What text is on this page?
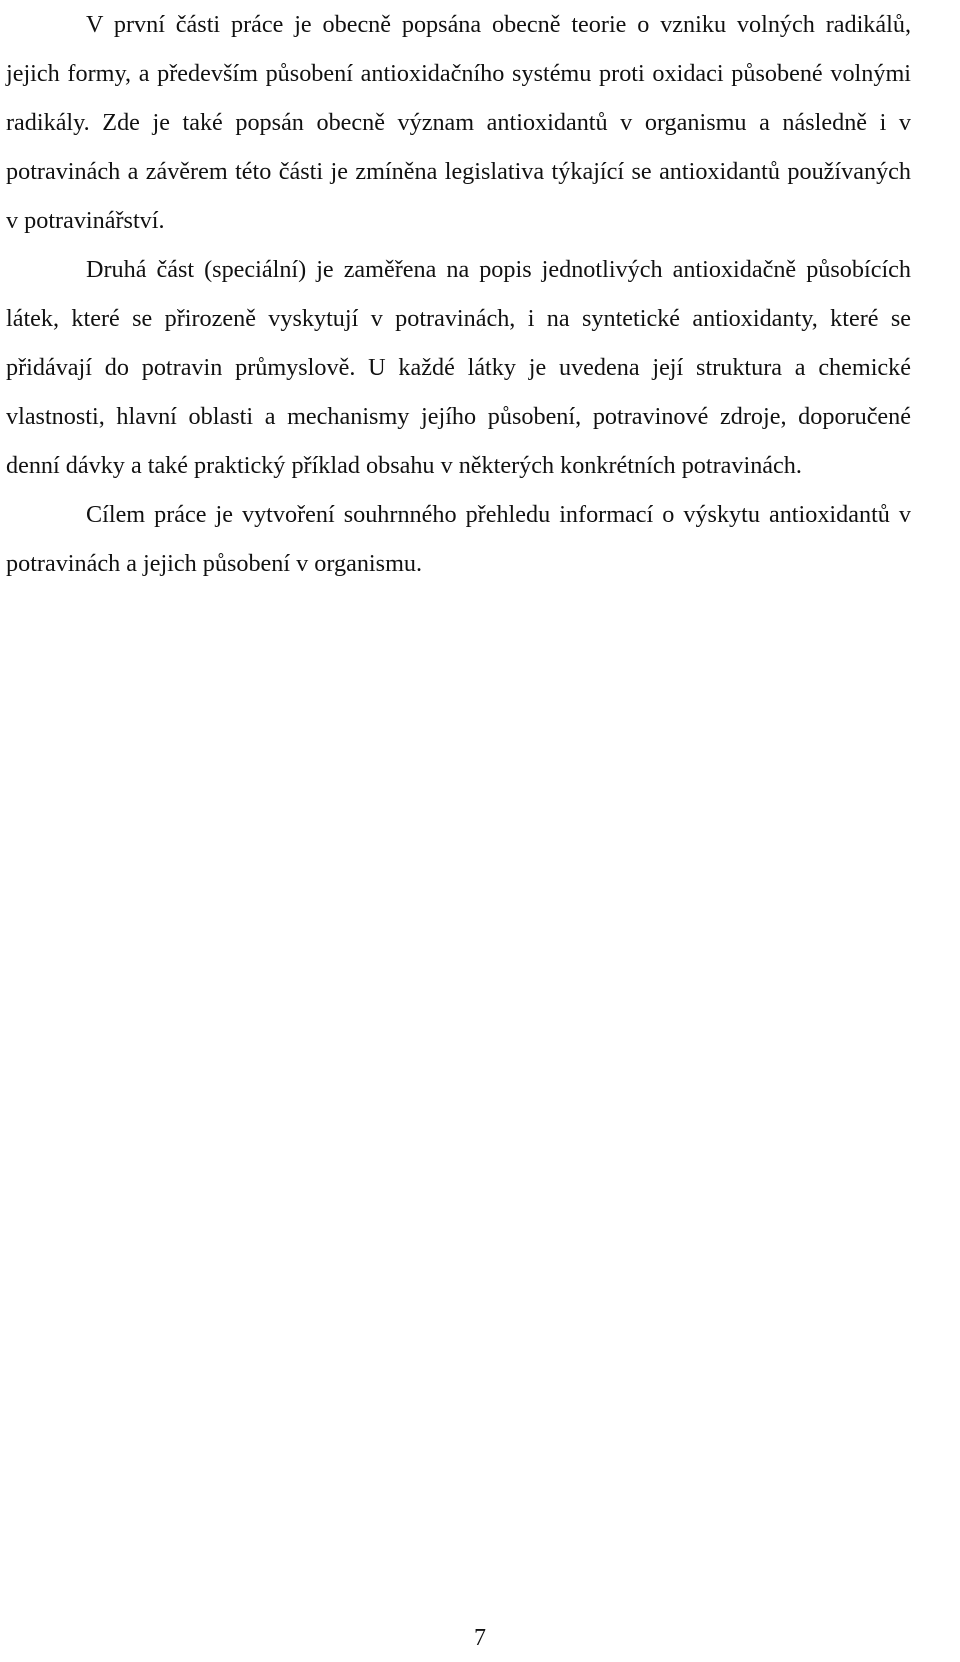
V první části práce je obecně popsána obecně teorie o vzniku volných radikálů, jejich formy, a především působení antioxidačního systému proti oxidaci působené volnými radikály. Zde je také popsán obecně význam antioxidantů v organismu a následně i v potravinách a závěrem této části je zmíněna legislativa týkající se antioxidantů používaných v potravinářství.

Druhá část (speciální) je zaměřena na popis jednotlivých antioxidačně působících látek, které se přirozeně vyskytují v potravinách, i na syntetické antioxidanty, které se přidávají do potravin průmyslově. U každé látky je uvedena její struktura a chemické vlastnosti, hlavní oblasti a mechanismy jejího působení, potravinové zdroje, doporučené denní dávky a také praktický příklad obsahu v některých konkrétních potravinách.

Cílem práce je vytvoření souhrnného přehledu informací o výskytu antioxidantů v potravinách a jejich působení v organismu.

7
